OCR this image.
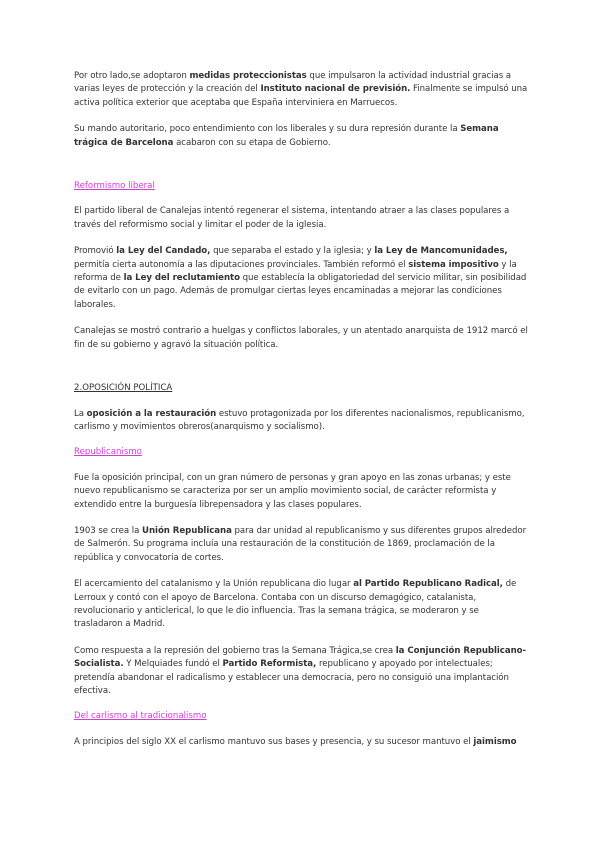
Por otro lado,se adoptaron medidas proteccionistas que impulsaron la actividad industrial gracias a varias leyes de protección y la creación del Instituto nacional de previsión. Finalmente se impulsó una activa política exterior que aceptaba que España interviniera en Marruecos.

Su mando autoritario, poco entendimiento con los liberales y su dura represión durante la Semana trágica de Barcelona acabaron con su etapa de Gobierno.

Reformismo liberal

El partido liberal de Canalejas intentó regenerar el sistema, intentando atraer a las clases populares a través del reformismo social y limitar el poder de la iglesia.

Promovió la Ley del Candado, que separaba el estado y la iglesia; y la Ley de Mancomunidades, permitía cierta autonomía a las diputaciones provinciales. También reformó el sistema impositivo y la reforma de la Ley del reclutamiento que establecía la obligatoriedad del servicio militar, sin posibilidad de evitarlo con un pago. Además de promulgar ciertas leyes encaminadas a mejorar las condiciones laborales.

Canalejas se mostró contrario a huelgas y conflictos laborales, y un atentado anarquista de 1912 marcó el fin de su gobierno y agravó la situación política.

2.OPOSICIÓN POLÍTICA

La oposición a la restauración estuvo protagonizada por los diferentes nacionalismos, republicanismo, carlismo y movimientos obreros(anarquismo y socialismo).

Republicanismo

Fue la oposición principal, con un gran número de personas y gran apoyo en las zonas urbanas; y este nuevo republicanismo se caracteriza por ser un amplio movimiento social, de carácter reformista y extendido entre la burguesía librepensadora y las clases populares.

1903 se crea la Unión Republicana para dar unidad al republicanismo y sus diferentes grupos alrededor de Salmerón. Su programa incluía una restauración de la constitución de 1869, proclamación de la república y convocatoria de cortes.

El acercamiento del catalanismo y la Unión republicana dio lugar al Partido Republicano Radical, de Lerroux y contó con el apoyo de Barcelona. Contaba con un discurso demagógico, catalanista, revolucionario y anticlerical, lo que le dio influencia. Tras la semana trágica, se moderaron y se trasladaron a Madrid.

Como respuesta a la represión del gobierno tras la Semana Trágica,se crea la Conjunción Republicano-Socialista. Y Melquiades fundó el Partido Reformista, republicano y apoyado por intelectuales; pretendía abandonar el radicalismo y establecer una democracia, pero no consiguió una implantación efectiva.

Del carlismo al tradicionalismo

A principios del siglo XX el carlismo mantuvo sus bases y presencia, y su sucesor mantuvo el jaimismo
